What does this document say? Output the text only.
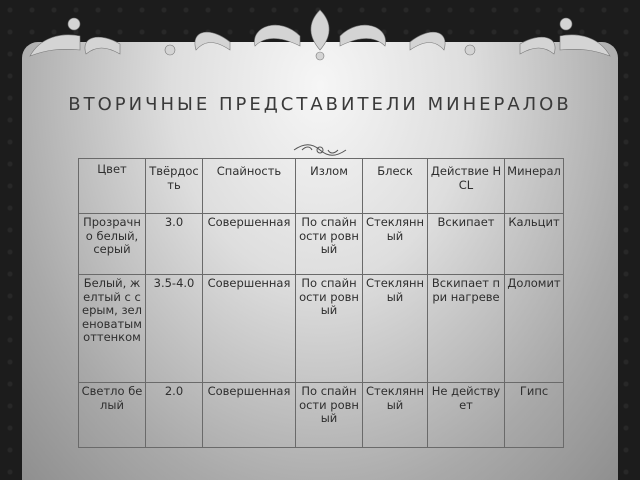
ВТОРИЧНЫЕ ПРЕДСТАВИТЕЛИ МИНЕРАЛОВ
Цвет	Твёрдость	Спайность	Излом	Блеск	Действие HCL	Минерал

Прозрачно белый, серый	3.0	Совершенная	По спайности ровный	Стеклянный	Вскипает	Кальцит

Белый, желтый с серым, зеленоватым оттенком	3.5-4.0	Совершенная	По спайности ровный	Стеклянный	Вскипает при нагреве	Доломит

Светло белый	2.0	Совершенная	По спайности ровный	Стеклянный	Не действует	Гипс
